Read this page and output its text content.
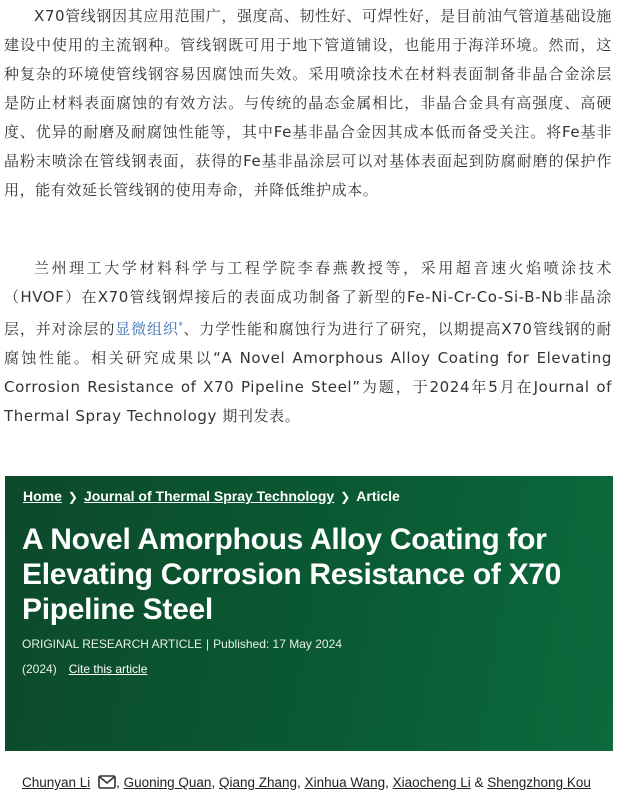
X70管线钢因其应用范围广，强度高、韧性好、可焊性好，是目前油气管道基础设施建设中使用的主流钢种。管线钢既可用于地下管道铺设，也能用于海洋环境。然而，这种复杂的环境使管线钢容易因腐蚀而失效。采用喷涂技术在材料表面制备非晶合金涂层是防止材料表面腐蚀的有效方法。与传统的晶态金属相比，非晶合金具有高强度、高硬度、优异的耐磨及耐腐蚀性能等，其中Fe基非晶合金因其成本低而备受关注。将Fe基非晶粉末喷涂在管线钢表面，获得的Fe基非晶涂层可以对基体表面起到防腐耐磨的保护作用，能有效延长管线钢的使用寿命，并降低维护成本。

兰州理工大学材料科学与工程学院李春燕教授等，采用超音速火焰喷涂技术（HVOF）在X70管线钢焊接后的表面成功制备了新型的Fe-Ni-Cr-Co-Si-B-Nb非晶涂层，并对涂层的显微组织$^ᵠ$、力学性能和腐蚀行为进行了研究，以期提高X70管线钢的耐腐蚀性能。相关研究成果以“A Novel Amorphous Alloy Coating for Elevating Corrosion Resistance of X70 Pipeline Steel”为题，于2024年5月在Journal of Thermal Spray Technology 期刊发表。

Home ❯ Journal of Thermal Spray Technology ❯ Article
A Novel Amorphous Alloy Coating for Elevating Corrosion Resistance of X70 Pipeline Steel
ORIGINAL RESEARCH ARTICLE | Published: 17 May 2024
(2024) Cite this article
Chunyan Li , Guoning Quan, Qiang Zhang, Xinhua Wang, Xiaocheng Li & Shengzhong Kou
